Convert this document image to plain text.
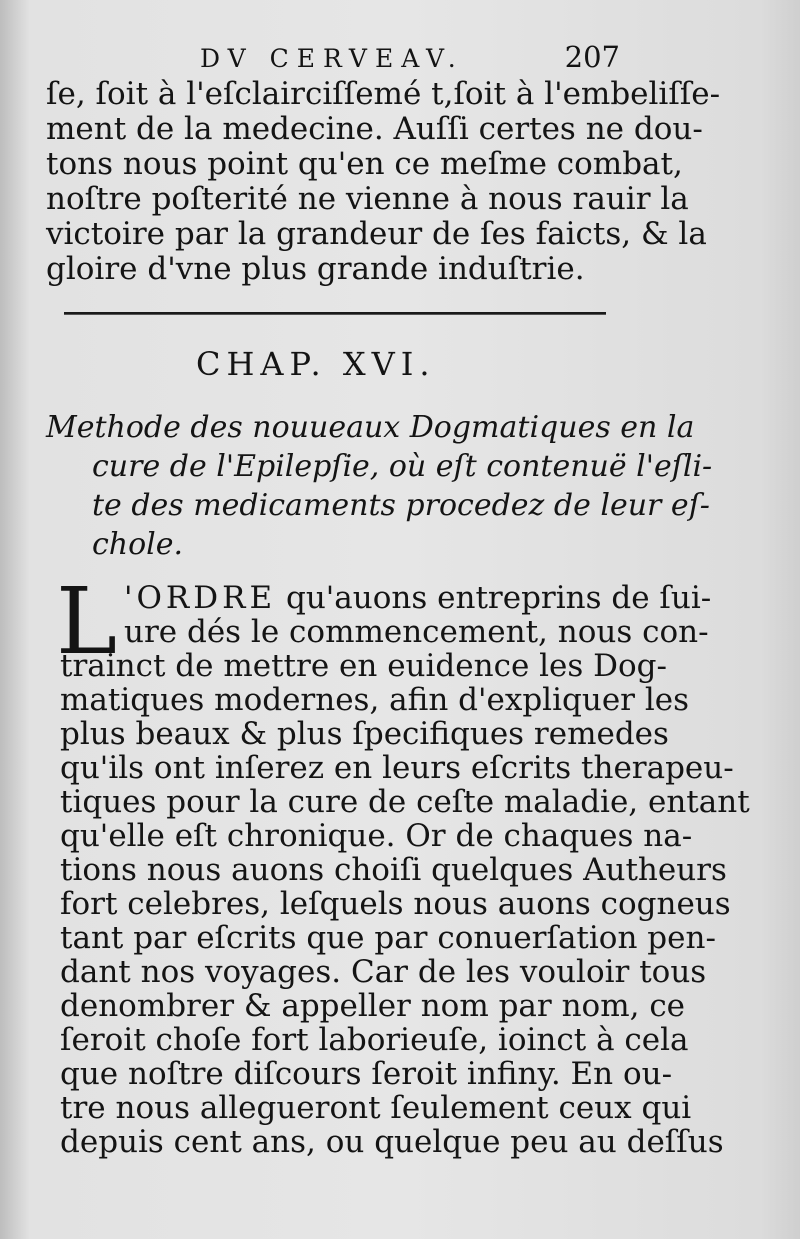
DV CERVEAV.	207
ſe, ſoit à l'eſclairciſſemé t,ſoit à l'embeliſſe-
ment de la medecine. Auſſi certes ne dou-
tons nous point qu'en ce meſme combat,
noſtre poſterité ne vienne à nous rauir la
victoire par la grandeur de ſes faicts, & la
gloire d'vne plus grande induſtrie.
CHAP. XVI.
Methode des nouueaux Dogmatiques en la
cure de l'Epilepſie, où eſt contenuë l'eſli-
te des medicaments procedez de leur eſ-
chole.
L 'ORDRE qu'auons entreprins de ſui-
ure dés le commencement, nous con-
trainct de mettre en euidence les Dog-
matiques modernes, afin d'expliquer les
plus beaux & plus ſpecifiques remedes
qu'ils ont inſerez en leurs eſcrits therapeu-
tiques pour la cure de ceſte maladie, entant
qu'elle eſt chronique. Or de chaques na-
tions nous auons choiſi quelques Autheurs
fort celebres, leſquels nous auons cogneus
tant par eſcrits que par conuerſation pen-
dant nos voyages. Car de les vouloir tous
denombrer & appeller nom par nom, ce
ſeroit choſe fort laborieuſe, ioinct à cela
que noſtre diſcours ſeroit infiny. En ou-
tre nous allegueront ſeulement ceux qui
depuis cent ans, ou quelque peu au deſſus
